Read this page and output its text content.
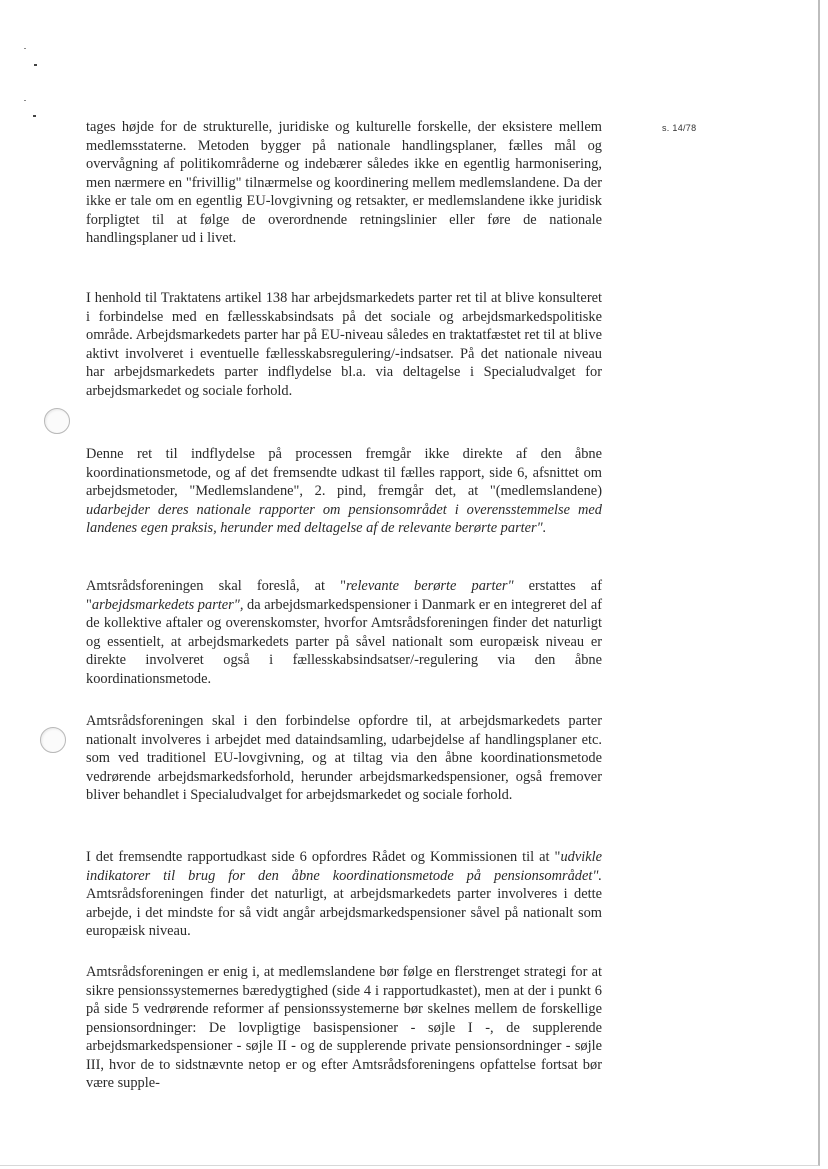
s. 14/78

tages højde for de strukturelle, juridiske og kulturelle forskelle, der eksistere mellem medlemsstaterne. Metoden bygger på nationale handlingsplaner, fælles mål og overvågning af politikområderne og indebærer således ikke en egentlig harmonisering, men nærmere en "frivillig" tilnærmelse og koordinering mellem medlemslandene. Da der ikke er tale om en egentlig EU-lovgivning og retsakter, er medlemslandene ikke juridisk forpligtet til at følge de overordnende retningslinier eller føre de nationale handlingsplaner ud i livet.

I henhold til Traktatens artikel 138 har arbejdsmarkedets parter ret til at blive konsulteret i forbindelse med en fællesskabsindsats på det sociale og arbejdsmarkedspolitiske område. Arbejdsmarkedets parter har på EU-niveau således en traktatfæstet ret til at blive aktivt involveret i eventuelle fællesskabsregulering/-indsatser. På det nationale niveau har arbejdsmarkedets parter indflydelse bl.a. via deltagelse i Specialudvalget for arbejdsmarkedet og sociale forhold.

Denne ret til indflydelse på processen fremgår ikke direkte af den åbne koordinationsmetode, og af det fremsendte udkast til fælles rapport, side 6, afsnittet om arbejdsmetoder, "Medlemslandene", 2. pind, fremgår det, at "(medlemslandene) udarbejder deres nationale rapporter om pensionsområdet i overensstemmelse med landenes egen praksis, herunder med deltagelse af de relevante berørte parter".

Amtsrådsforeningen skal foreslå, at "relevante berørte parter" erstattes af "arbejdsmarkedets parter", da arbejdsmarkedspensioner i Danmark er en integreret del af de kollektive aftaler og overenskomster, hvorfor Amtsrådsforeningen finder det naturligt og essentielt, at arbejdsmarkedets parter på såvel nationalt som europæisk niveau er direkte involveret også i fællesskabsindsatser/-regulering via den åbne koordinationsmetode.

Amtsrådsforeningen skal i den forbindelse opfordre til, at arbejdsmarkedets parter nationalt involveres i arbejdet med dataindsamling, udarbejdelse af handlingsplaner etc. som ved traditionel EU-lovgivning, og at tiltag via den åbne koordinationsmetode vedrørende arbejdsmarkedsforhold, herunder arbejdsmarkedspensioner, også fremover bliver behandlet i Specialudvalget for arbejdsmarkedet og sociale forhold.

I det fremsendte rapportudkast side 6 opfordres Rådet og Kommissionen til at "udvikle indikatorer til brug for den åbne koordinationsmetode på pensionsområdet". Amtsrådsforeningen finder det naturligt, at arbejdsmarkedets parter involveres i dette arbejde, i det mindste for så vidt angår arbejdsmarkedspensioner såvel på nationalt som europæisk niveau.

Amtsrådsforeningen er enig i, at medlemslandene bør følge en flerstrenget strategi for at sikre pensionssystemernes bæredygtighed (side 4 i rapportudkastet), men at der i punkt 6 på side 5 vedrørende reformer af pensionssystemerne bør skelnes mellem de forskellige pensionsordninger: De lovpligtige basispensioner - søjle I -, de supplerende arbejdsmarkedspensioner - søjle II - og de supplerende private pensionsordninger - søjle III, hvor de to sidstnævnte netop er og efter Amtsrådsforeningens opfattelse fortsat bør være supple-
